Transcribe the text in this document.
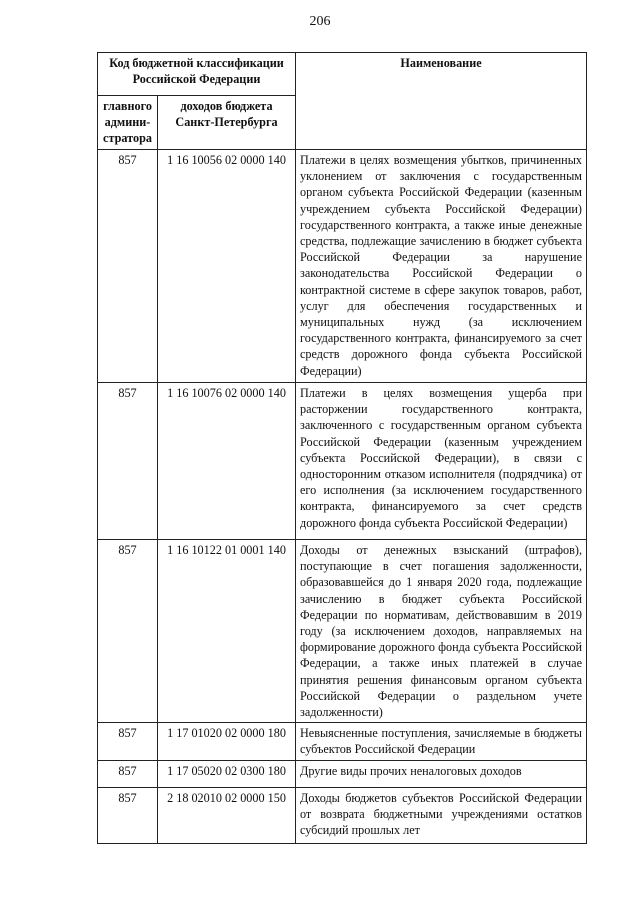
206
Код бюджетной классификации Российской Федерации		Наименование
главного админи-стратора	доходов бюджета Санкт-Петербурга	
857	1 16 10056 02 0000 140	Платежи в целях возмещения убытков, причиненных уклонением от заключения с государственным органом субъекта Российской Федерации (казенным учреждением субъекта Российской Федерации) государственного контракта, а также иные денежные средства, подлежащие зачислению в бюджет субъекта Российской Федерации за нарушение законодательства Российской Федерации о контрактной системе в сфере закупок товаров, работ, услуг для обеспечения государственных и муниципальных нужд (за исключением государственного контракта, финансируемого за счет средств дорожного фонда субъекта Российской Федерации)
857	1 16 10076 02 0000 140	Платежи в целях возмещения ущерба при расторжении государственного контракта, заключенного с государственным органом субъекта Российской Федерации (казенным учреждением субъекта Российской Федерации), в связи с односторонним отказом исполнителя (подрядчика) от его исполнения (за исключением государственного контракта, финансируемого за счет средств дорожного фонда субъекта Российской Федерации)
857	1 16 10122 01 0001 140	Доходы от денежных взысканий (штрафов), поступающие в счет погашения задолженности, образовавшейся до 1 января 2020 года, подлежащие зачислению в бюджет субъекта Российской Федерации по нормативам, действовавшим в 2019 году (за исключением доходов, направляемых на формирование дорожного фонда субъекта Российской Федерации, а также иных платежей в случае принятия решения финансовым органом субъекта Российской Федерации о раздельном учете задолженности)
857	1 17 01020 02 0000 180	Невыясненные поступления, зачисляемые в бюджеты субъектов Российской Федерации
857	1 17 05020 02 0300 180	Другие виды прочих неналоговых доходов
857	2 18 02010 02 0000 150	Доходы бюджетов субъектов Российской Федерации от возврата бюджетными учреждениями остатков субсидий прошлых лет
